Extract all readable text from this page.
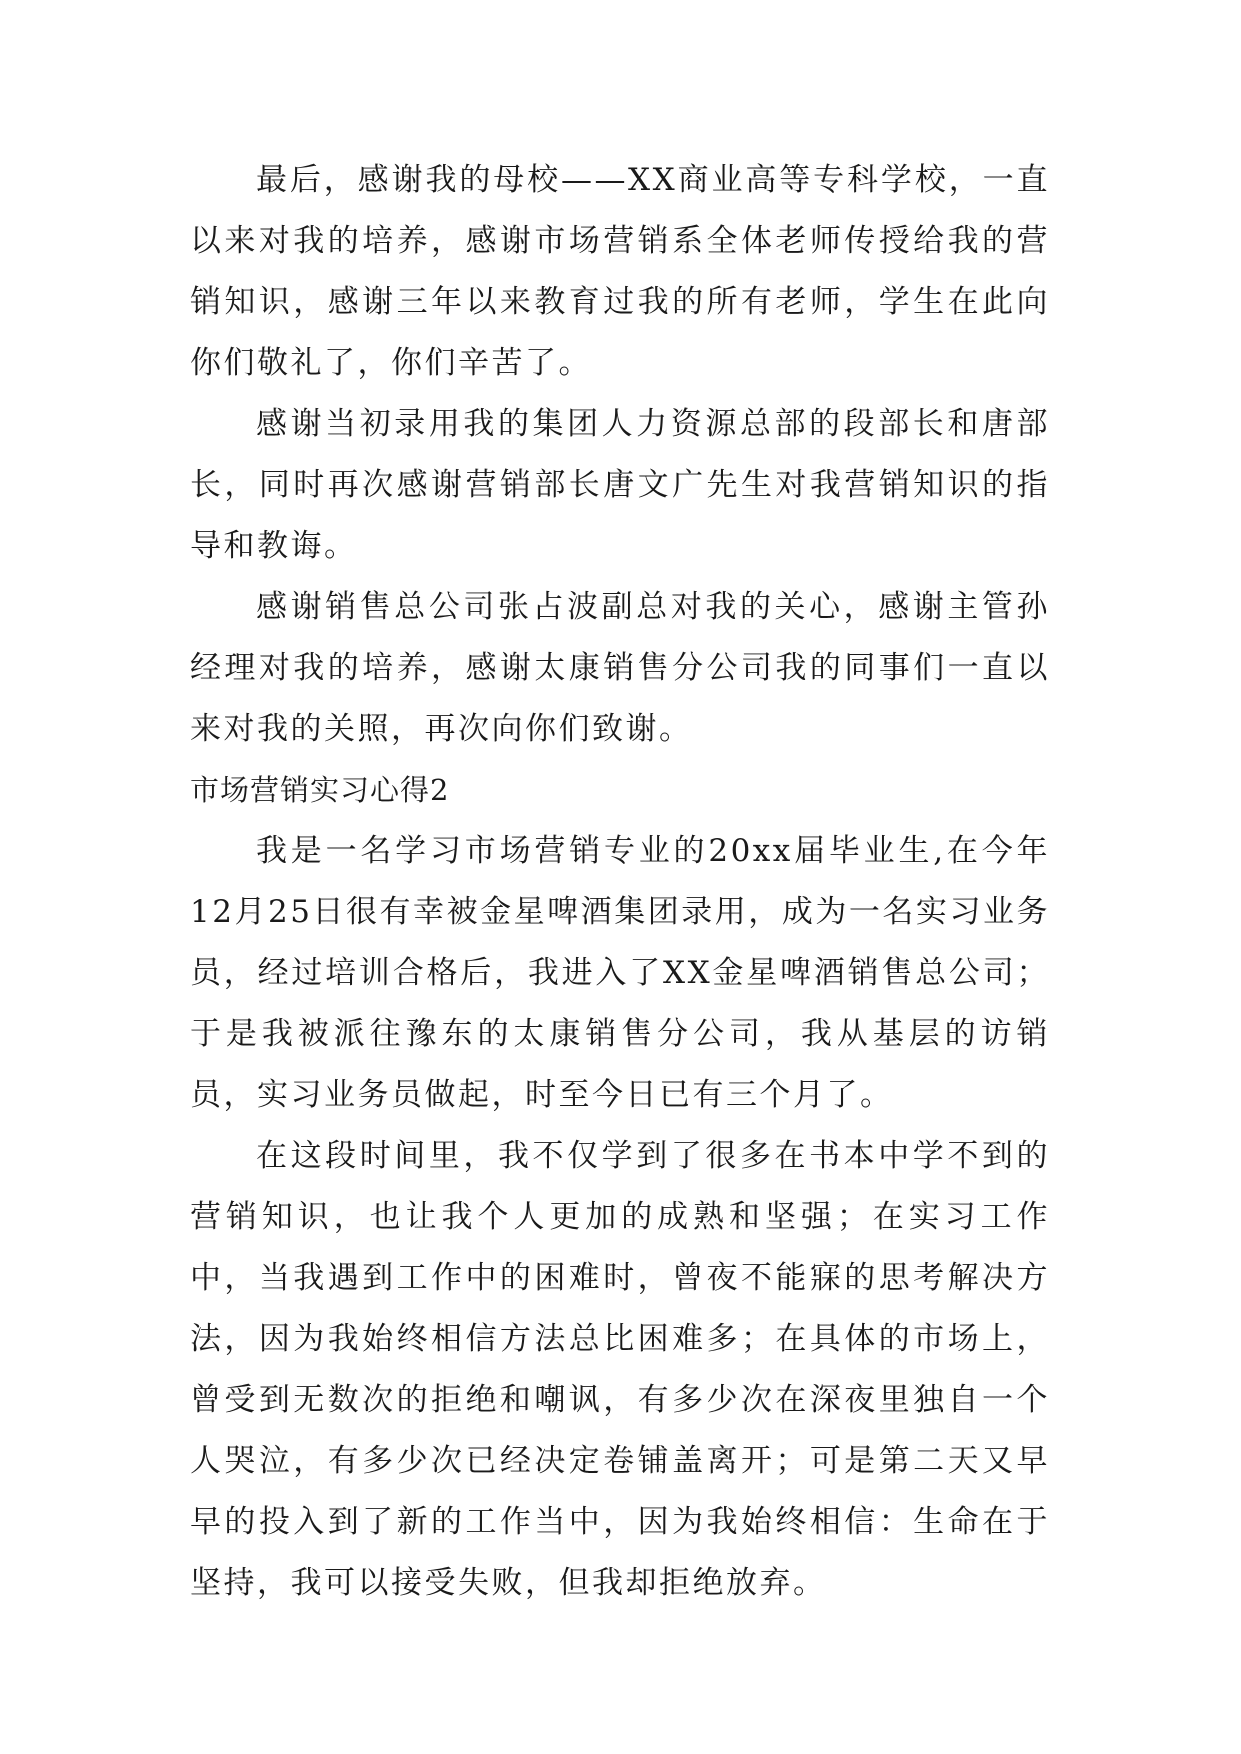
最后，感谢我的母校——XX商业高等专科学校，一直以来对我的培养，感谢市场营销系全体老师传授给我的营销知识，感谢三年以来教育过我的所有老师，学生在此向你们敬礼了，你们辛苦了。

感谢当初录用我的集团人力资源总部的段部长和唐部长，同时再次感谢营销部长唐文广先生对我营销知识的指导和教诲。

感谢销售总公司张占波副总对我的关心，感谢主管孙经理对我的培养，感谢太康销售分公司我的同事们一直以来对我的关照，再次向你们致谢。

市场营销实习心得2

我是一名学习市场营销专业的20xx届毕业生,在今年12月25日很有幸被金星啤酒集团录用，成为一名实习业务员，经过培训合格后，我进入了XX金星啤酒销售总公司；于是我被派往豫东的太康销售分公司，我从基层的访销员，实习业务员做起，时至今日已有三个月了。

在这段时间里，我不仅学到了很多在书本中学不到的营销知识，也让我个人更加的成熟和坚强；在实习工作中，当我遇到工作中的困难时，曾夜不能寐的思考解决方法，因为我始终相信方法总比困难多；在具体的市场上，曾受到无数次的拒绝和嘲讽，有多少次在深夜里独自一个人哭泣，有多少次已经决定卷铺盖离开；可是第二天又早早的投入到了新的工作当中，因为我始终相信：生命在于坚持，我可以接受失败，但我却拒绝放弃。
